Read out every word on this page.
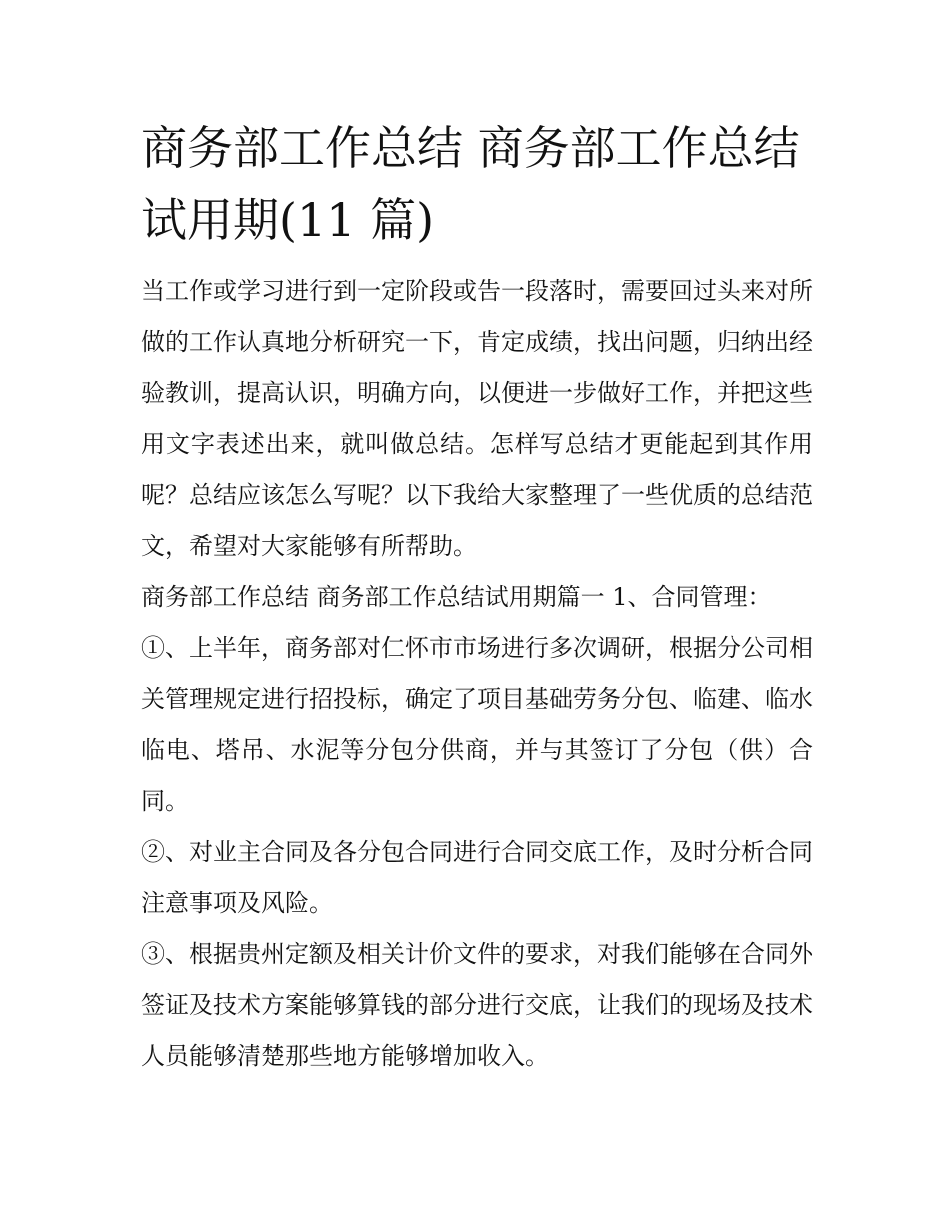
商务部工作总结 商务部工作总结试用期(11 篇)

当工作或学习进行到一定阶段或告一段落时，需要回过头来对所做的工作认真地分析研究一下，肯定成绩，找出问题，归纳出经验教训，提高认识，明确方向，以便进一步做好工作，并把这些用文字表述出来，就叫做总结。怎样写总结才更能起到其作用呢？总结应该怎么写呢？以下我给大家整理了一些优质的总结范文，希望对大家能够有所帮助。

商务部工作总结 商务部工作总结试用期篇一 1、合同管理：

①、上半年，商务部对仁怀市市场进行多次调研，根据分公司相关管理规定进行招投标，确定了项目基础劳务分包、临建、临水临电、塔吊、水泥等分包分供商，并与其签订了分包（供）合同。

②、对业主合同及各分包合同进行合同交底工作，及时分析合同注意事项及风险。

③、根据贵州定额及相关计价文件的要求，对我们能够在合同外签证及技术方案能够算钱的部分进行交底，让我们的现场及技术人员能够清楚那些地方能够增加收入。
